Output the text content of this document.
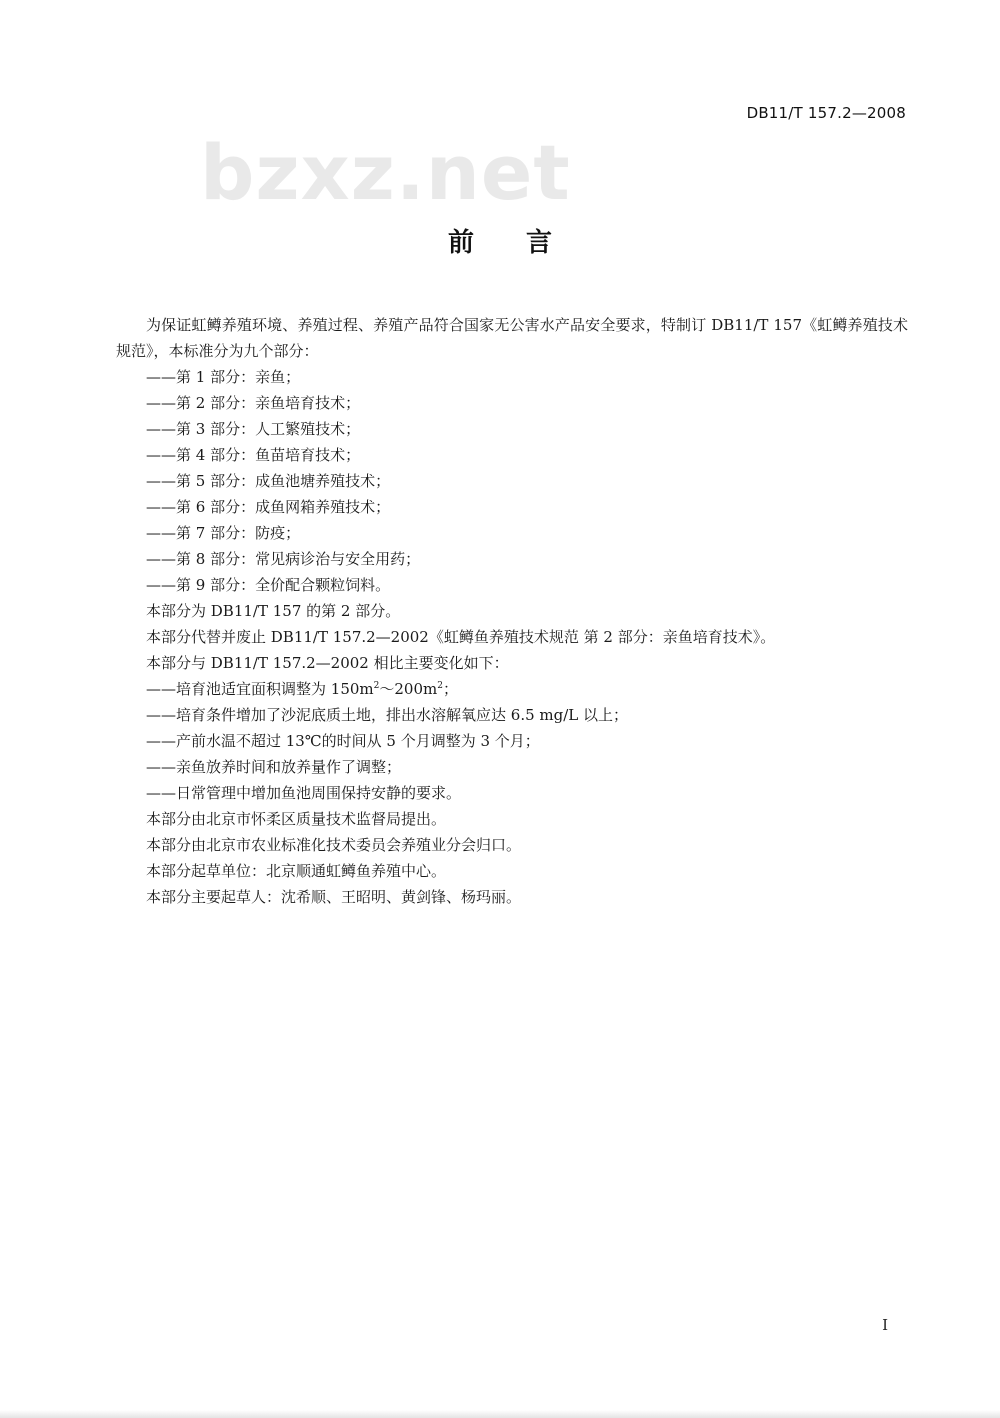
DB11/T 157.2—2008
bzxz.net
前言

为保证虹鳟养殖环境、养殖过程、养殖产品符合国家无公害水产品安全要求，特制订 DB11/T 157《虹鳟养殖技术规范》，本标准分为九个部分：

——第 1 部分：亲鱼；
——第 2 部分：亲鱼培育技术；
——第 3 部分：人工繁殖技术；
——第 4 部分：鱼苗培育技术；
——第 5 部分：成鱼池塘养殖技术；
——第 6 部分：成鱼网箱养殖技术；
——第 7 部分：防疫；
——第 8 部分：常见病诊治与安全用药；
——第 9 部分：全价配合颗粒饲料。

本部分为 DB11/T 157 的第 2 部分。

本部分代替并废止 DB11/T 157.2—2002《虹鳟鱼养殖技术规范 第 2 部分：亲鱼培育技术》。

本部分与 DB11/T 157.2—2002 相比主要变化如下：

——培育池适宜面积调整为 $150m^2\sim 200m^2$；
——培育条件增加了沙泥底质土地，排出水溶解氧应达 6.5 mg/L 以上；
——产前水温不超过 13℃的时间从 5 个月调整为 3 个月；
——亲鱼放养时间和放养量作了调整；
——日常管理中增加鱼池周围保持安静的要求。

本部分由北京市怀柔区质量技术监督局提出。

本部分由北京市农业标准化技术委员会养殖业分会归口。

本部分起草单位：北京顺通虹鳟鱼养殖中心。

本部分主要起草人：沈希顺、王昭明、黄剑锋、杨玛丽。

I
